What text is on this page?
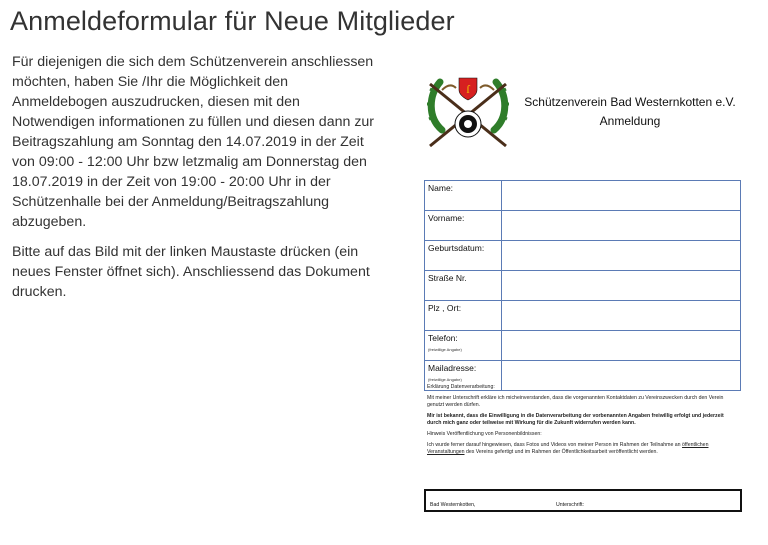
Anmeldeformular für Neue Mitglieder

Für diejenigen die sich dem Schützenverein anschliessen möchten, haben Sie /Ihr die Möglichkeit den Anmeldebogen auszudrucken, diesen mit den Notwendigen informationen zu füllen und diesen dann zur Beitragszahlung am Sonntag den 14.07.2019 in der Zeit von 09:00 - 12:00 Uhr bzw letzmalig am Donnerstag den 18.07.2019 in der Zeit von 19:00 - 20:00 Uhr in der Schützenhalle bei der Anmeldung/Beitragszahlung abzugeben.

Bitte auf das Bild mit der linken Maustaste drücken (ein neues Fenster öffnet sich). Anschliessend das Dokument drucken.

ſ
Schützenverein Bad Westernkotten e.V.
Anmeldung
Name:	
Vorname:	
Geburtsdatum:	
Straße Nr.	
Plz , Ort:	
Telefon:
(freiwillige Angabe)	

Mailadresse:
(freiwillige Angabe)	

Erklärung Datenverarbeitung:

Mit meiner Unterschrift erkläre ich micheinverstanden, dass die vorgenannten Kontaktdaten zu Vereinszwecken durch den Verein genutzt werden dürfen.

Mir ist bekannt, dass die Einwilligung in die Datenverarbeitung der vorbenannten Angaben freiwillig erfolgt und jederzeit durch mich ganz oder teilweise mit Wirkung für die Zukunft widerrufen werden kann.

Hinweis Veröffentlichung von Personenbildnissen:

Ich wurde ferner darauf hingewiesen, dass Fotos und Videos von meiner Person im Rahmen der Teilnahme an öffentlichen Veranstaltungen des Vereins gefertigt und im Rahmen der Öffentlichkeitsarbeit veröffentlicht werden.

Bad Westernkotten,	Unterschrift:
